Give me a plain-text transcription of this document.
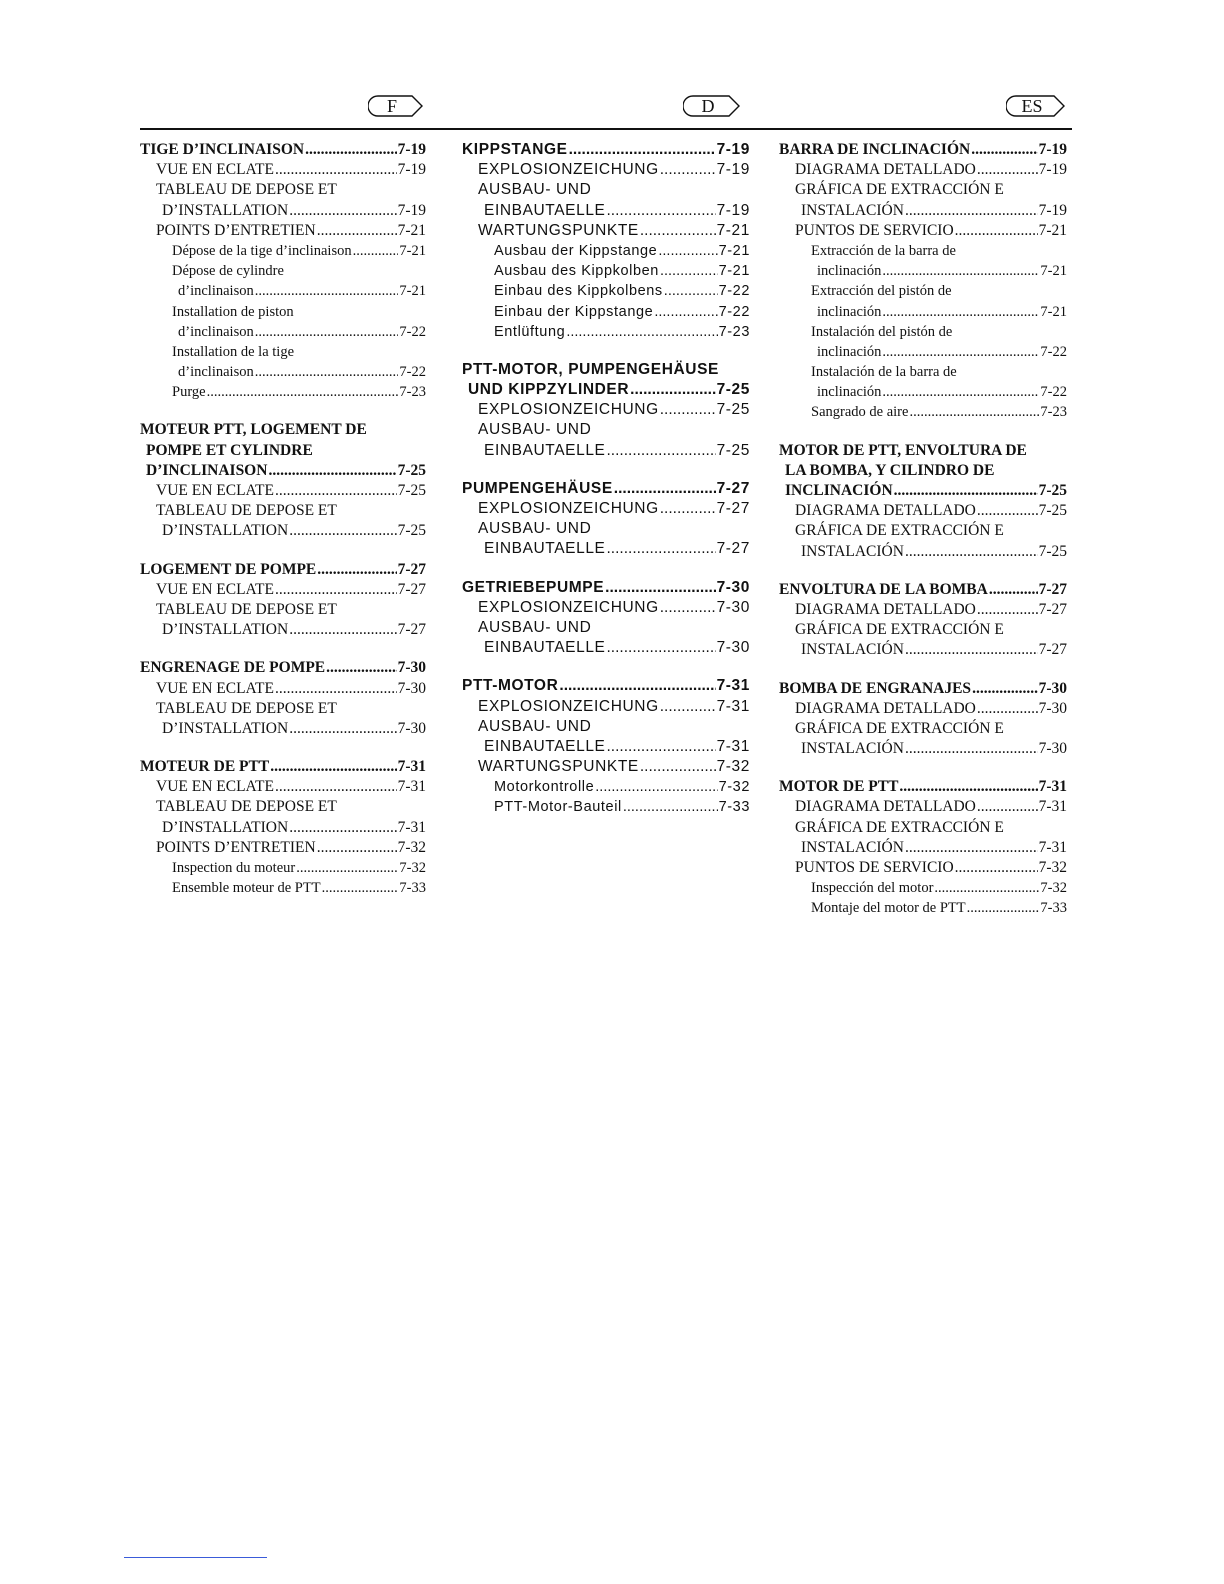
F	D	ES
TIGE D’INCLINAISON .....	7-19
VUE EN ECLATE .....	7-19
TABLEAU DE DEPOSE ET
D’INSTALLATION .....	7-19
POINTS D’ENTRETIEN .....	7-21
Dépose de la tige d’inclinaison .....	7-21
Dépose de cylindre
d’inclinaison .....	7-21
Installation de piston
d’inclinaison .....	7-22
Installation de la tige
d’inclinaison .....	7-22
Purge .....	7-23
MOTEUR PTT, LOGEMENT DE
POMPE ET CYLINDRE
D’INCLINAISON .....	7-25
VUE EN ECLATE .....	7-25
TABLEAU DE DEPOSE ET
D’INSTALLATION .....	7-25
LOGEMENT DE POMPE .....	7-27
VUE EN ECLATE .....	7-27
TABLEAU DE DEPOSE ET
D’INSTALLATION .....	7-27
ENGRENAGE DE POMPE .....	7-30
VUE EN ECLATE .....	7-30
TABLEAU DE DEPOSE ET
D’INSTALLATION .....	7-30
MOTEUR DE PTT .....	7-31
VUE EN ECLATE .....	7-31
TABLEAU DE DEPOSE ET
D’INSTALLATION .....	7-31
POINTS D’ENTRETIEN .....	7-32
Inspection du moteur .....	7-32
Ensemble moteur de PTT .....	7-33
KIPPSTANGE .....	7-19
EXPLOSIONZEICHUNG .....	7-19
AUSBAU- UND
EINBAUTAELLE .....	7-19
WARTUNGSPUNKTE .....	7-21
Ausbau der Kippstange .....	7-21
Ausbau des Kippkolben .....	7-21
Einbau des Kippkolbens .....	7-22
Einbau der Kippstange .....	7-22
Entlüftung .....	7-23
PTT-MOTOR, PUMPENGEHÄUSE
UND KIPPZYLINDER .....	7-25
EXPLOSIONZEICHUNG .....	7-25
AUSBAU- UND
EINBAUTAELLE .....	7-25
PUMPENGEHÄUSE .....	7-27
EXPLOSIONZEICHUNG .....	7-27
AUSBAU- UND
EINBAUTAELLE .....	7-27
GETRIEBEPUMPE .....	7-30
EXPLOSIONZEICHUNG .....	7-30
AUSBAU- UND
EINBAUTAELLE .....	7-30
PTT-MOTOR .....	7-31
EXPLOSIONZEICHUNG .....	7-31
AUSBAU- UND
EINBAUTAELLE .....	7-31
WARTUNGSPUNKTE .....	7-32
Motorkontrolle .....	7-32
PTT-Motor-Bauteil .....	7-33
BARRA DE INCLINACIÓN .....	7-19
DIAGRAMA DETALLADO .....	7-19
GRÁFICA DE EXTRACCIÓN E
INSTALACIÓN .....	7-19
PUNTOS DE SERVICIO .....	7-21
Extracción de la barra de
inclinación .....	7-21
Extracción del pistón de
inclinación .....	7-21
Instalación del pistón de
inclinación .....	7-22
Instalación de la barra de
inclinación .....	7-22
Sangrado de aire .....	7-23
MOTOR DE PTT, ENVOLTURA DE
LA BOMBA, Y CILINDRO DE
INCLINACIÓN .....	7-25
DIAGRAMA DETALLADO .....	7-25
GRÁFICA DE EXTRACCIÓN E
INSTALACIÓN .....	7-25
ENVOLTURA DE LA BOMBA .....	7-27
DIAGRAMA DETALLADO .....	7-27
GRÁFICA DE EXTRACCIÓN E
INSTALACIÓN .....	7-27
BOMBA DE ENGRANAJES .....	7-30
DIAGRAMA DETALLADO .....	7-30
GRÁFICA DE EXTRACCIÓN E
INSTALACIÓN .....	7-30
MOTOR DE PTT .....	7-31
DIAGRAMA DETALLADO .....	7-31
GRÁFICA DE EXTRACCIÓN E
INSTALACIÓN .....	7-31
PUNTOS DE SERVICIO .....	7-32
Inspección del motor .....	7-32
Montaje del motor de PTT .....	7-33
